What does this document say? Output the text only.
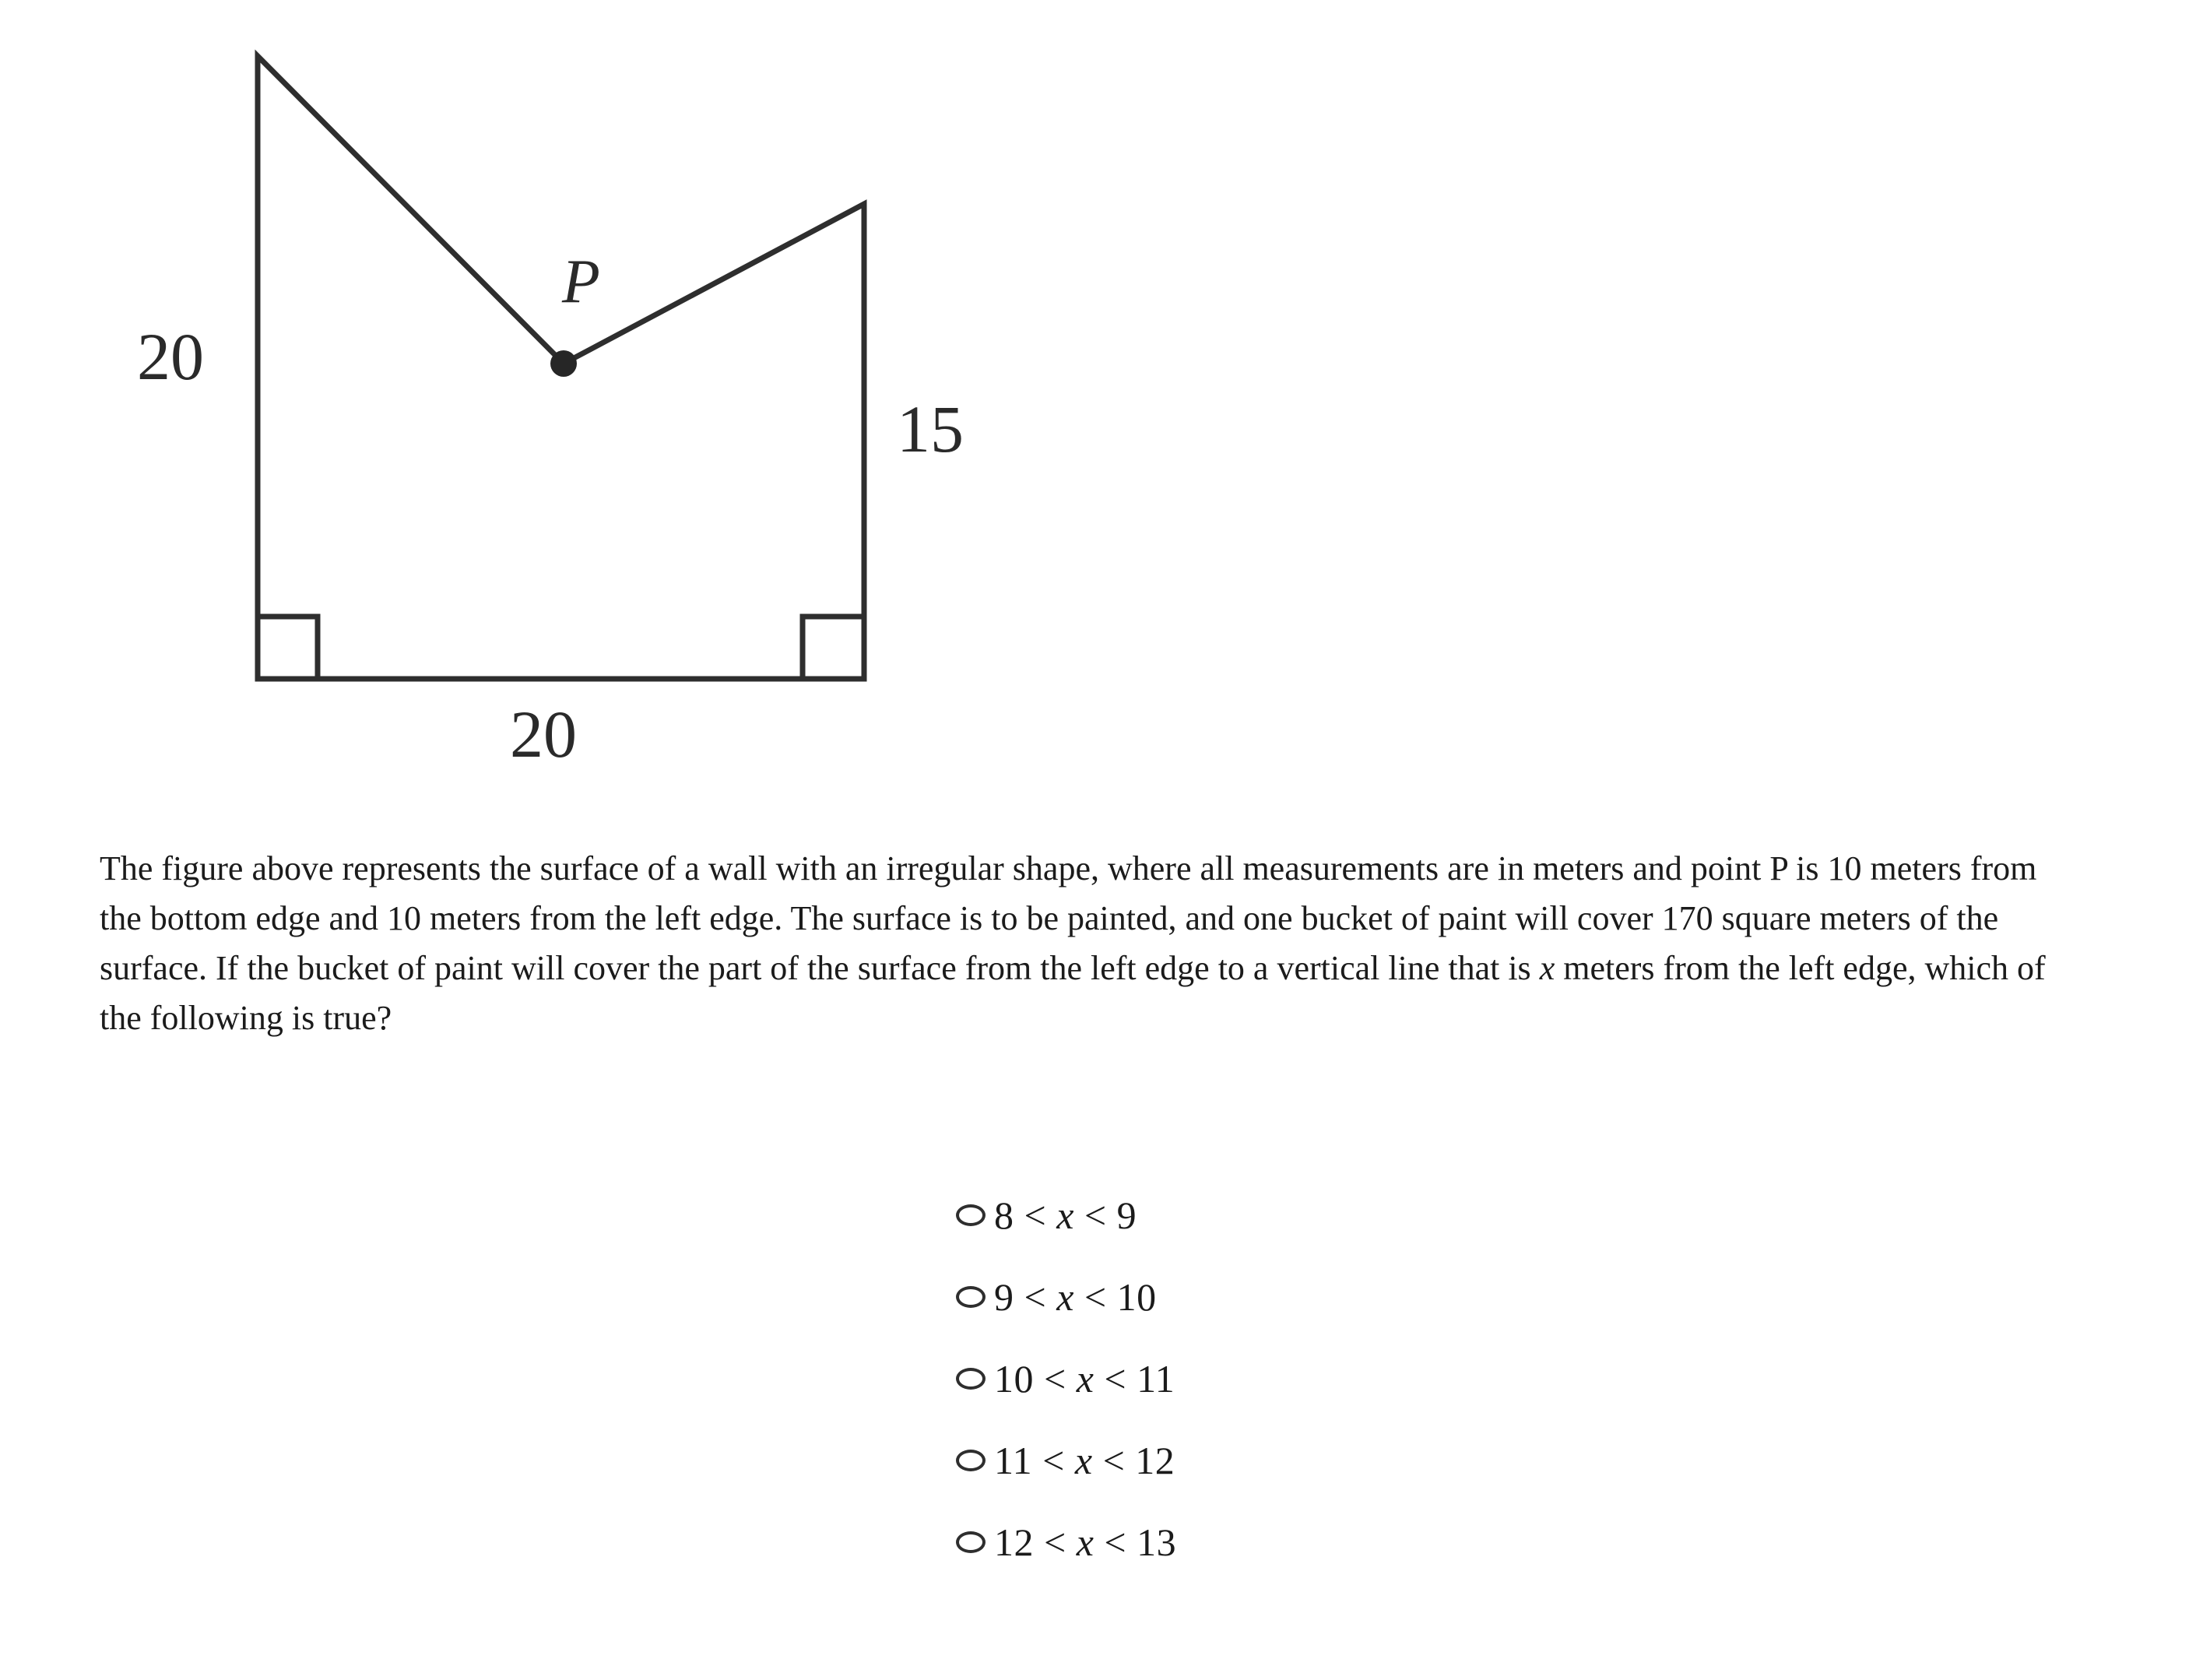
20
15
20
P

The figure above represents the surface of a wall with an irregular shape, where all measurements are in meters and point P is 10 meters from the bottom edge and 10 meters from the left edge. The surface is to be painted, and one bucket of paint will cover 170 square meters of the surface. If the bucket of paint will cover the part of the surface from the left edge to a vertical line that is x meters from the left edge, which of the following is true?

8 < x < 9
9 < x < 10
10 < x < 11
11 < x < 12
12 < x < 13
